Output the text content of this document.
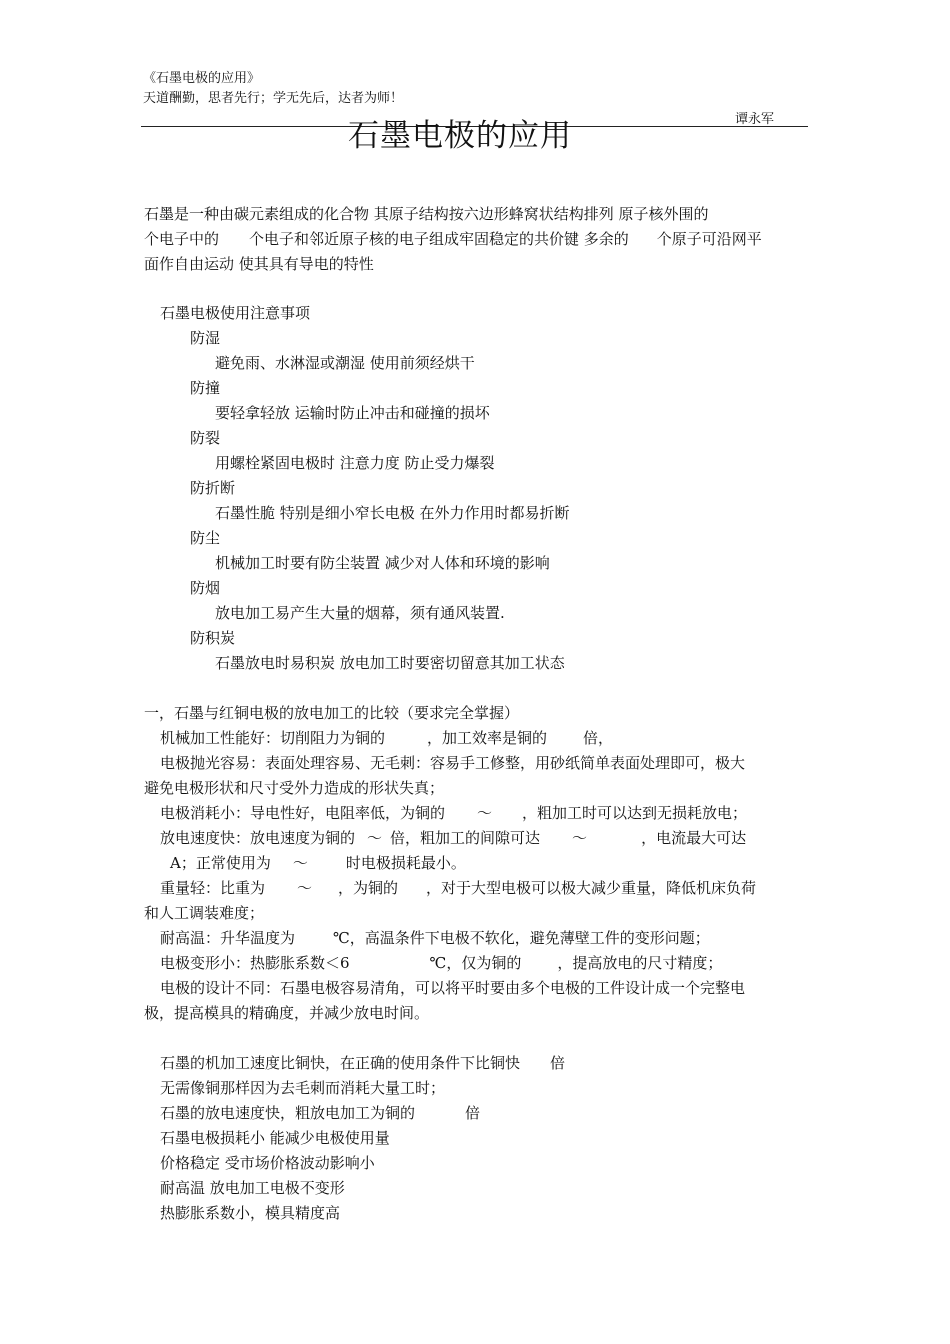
《石墨电极的应用》
天道酬勤，思者先行；学无先后，达者为师！
谭永军
石墨电极的应用
石墨是一种由碳元素组成的化合物 其原子结构按六边形蜂窝状结构排列 原子核外围的
个电子中的 个电子和邻近原子核的电子组成牢固稳定的共价键 多余的 个原子可沿网平
面作自由运动 使其具有导电的特性
石墨电极使用注意事项
防湿
避免雨、水淋湿或潮湿 使用前须经烘干
防撞
要轻拿轻放 运输时防止冲击和碰撞的损坏
防裂
用螺栓紧固电极时 注意力度 防止受力爆裂
防折断
石墨性脆 特别是细小窄长电极 在外力作用时都易折断
防尘
机械加工时要有防尘装置 减少对人体和环境的影响
防烟
放电加工易产生大量的烟幕，须有通风装置.
防积炭
石墨放电时易积炭 放电加工时要密切留意其加工状态
一，石墨与红铜电极的放电加工的比较（要求完全掌握）
机械加工性能好：切削阻力为铜的	，加工效率是铜的 倍，
电极抛光容易：表面处理容易、无毛刺：容易手工修整，用砂纸简单表面处理即可，极大
避免电极形状和尺寸受外力造成的形状失真；
电极消耗小：导电性好，电阻率低，为铜的 ～ ，粗加工时可以达到无损耗放电；
放电速度快：放电速度为铜的 ～ 倍，粗加工的间隙可达 ～	，电流最大可达
A；正常使用为 ～	时电极损耗最小。
重量轻：比重为 ～ ，为铜的 ，对于大型电极可以极大减少重量，降低机床负荷
和人工调装难度；
耐高温：升华温度为	℃，高温条件下电极不软化，避免薄壁工件的变形问题；
电极变形小：热膨胀系数＜6	℃，仅为铜的 ，提高放电的尺寸精度；
电极的设计不同：石墨电极容易清角，可以将平时要由多个电极的工件设计成一个完整电
极，提高模具的精确度，并减少放电时间。
石墨的机加工速度比铜快，在正确的使用条件下比铜快 倍
无需像铜那样因为去毛刺而消耗大量工时；
石墨的放电速度快，粗放电加工为铜的	倍
石墨电极损耗小 能减少电极使用量
价格稳定 受市场价格波动影响小
耐高温 放电加工电极不变形
热膨胀系数小，模具精度高
